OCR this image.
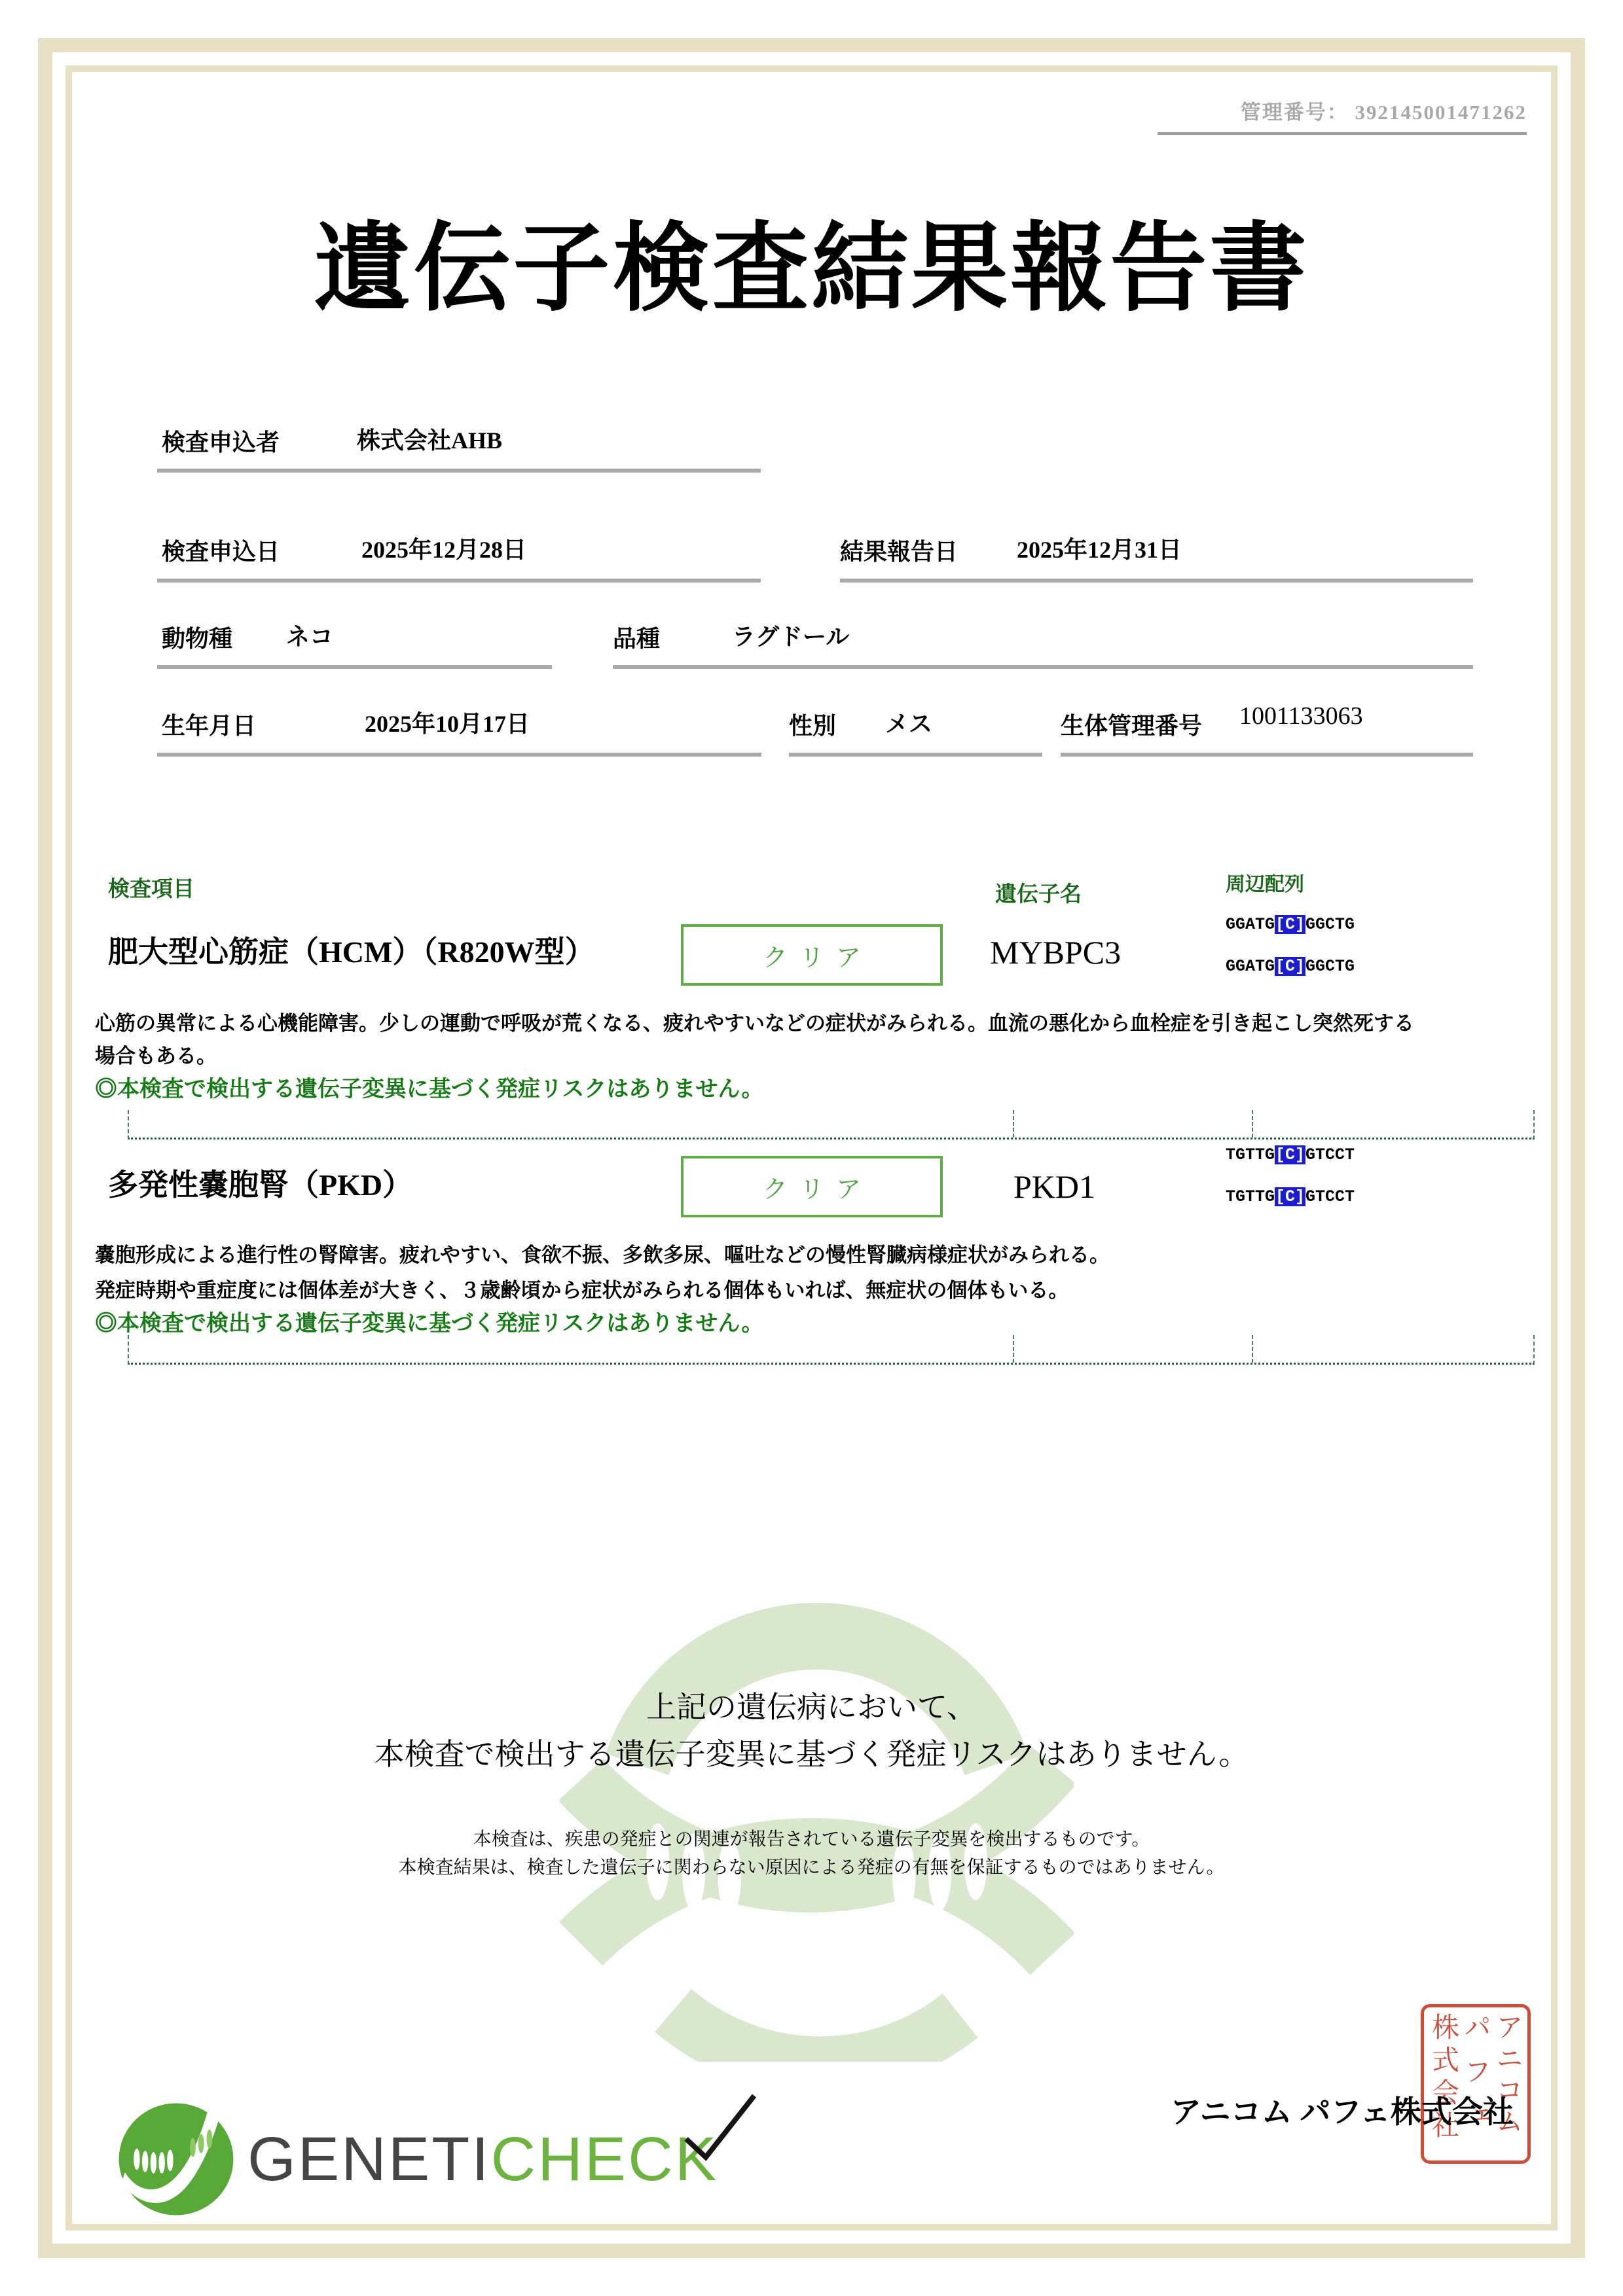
管理番号： 392145001471262
遺伝子検査結果報告書
検査申込者	株式会社AHB
検査申込日	2025年12月28日	結果報告日 2025年12月31日
動物種 ネコ	品種	ラグドール
生年月日	2025年10月17日	性別 メス	生体管理番号 1001133063
検査項目	遺伝子名	周辺配列
肥大型心筋症（HCM）（R820W型）	クリア	MYBPC3
GGATG[C]GGCTG
GGATG[C]GGCTG
心筋の異常による心機能障害。少しの運動で呼吸が荒くなる、疲れやすいなどの症状がみられる。血流の悪化から血栓症を引き起こし突然死する
場合もある。
◎本検査で検出する遺伝子変異に基づく発症リスクはありません。
多発性嚢胞腎（PKD）	クリア	PKD1
TGTTG[C]GTCCT
TGTTG[C]GTCCT
嚢胞形成による進行性の腎障害。疲れやすい、食欲不振、多飲多尿、嘔吐などの慢性腎臓病様症状がみられる。
発症時期や重症度には個体差が大きく、３歳齢頃から症状がみられる個体もいれば、無症状の個体もいる。
◎本検査で検出する遺伝子変異に基づく発症リスクはありません。
上記の遺伝病において、
本検査で検出する遺伝子変異に基づく発症リスクはありません。
本検査は、疾患の発症との関連が報告されている遺伝子変異を検出するものです。
本検査結果は、検査した遺伝子に関わらない原因による発症の有無を保証するものではありません。
GENETICHECK
アニコム
パフェ
株式会社
アニコム パフェ株式会社
